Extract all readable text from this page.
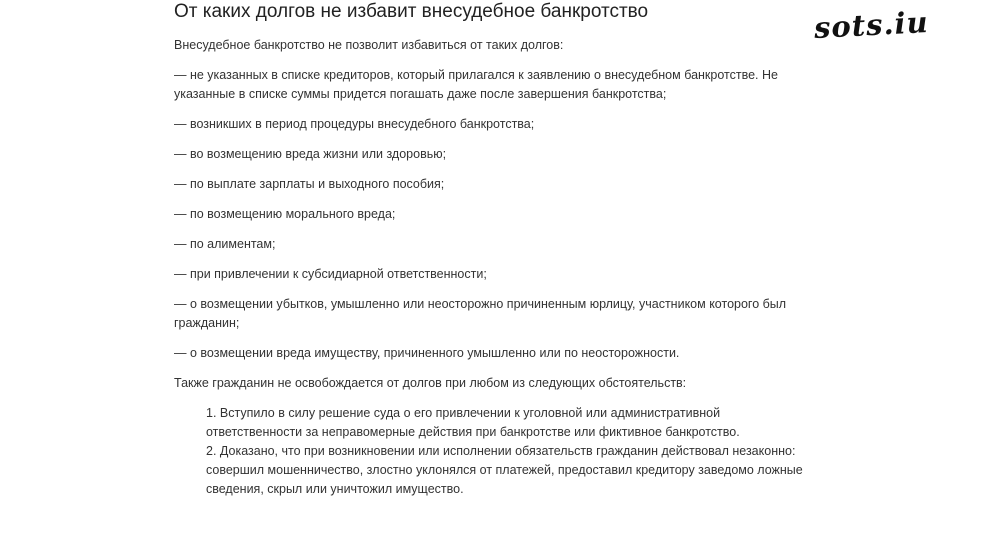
От каких долгов не избавит внесудебное банкротство

Внесудебное банкротство не позволит избавиться от таких долгов:

— не указанных в списке кредиторов, который прилагался к заявлению о внесудебном банкротстве. Не указанные в списке суммы придется погашать даже после завершения банкротства;

— возникших в период процедуры внесудебного банкротства;

— во возмещению вреда жизни или здоровью;

— по выплате зарплаты и выходного пособия;

— по возмещению морального вреда;

— по алиментам;

— при привлечении к субсидиарной ответственности;

— о возмещении убытков, умышленно или неосторожно причиненным юрлицу, участником которого был гражданин;

— о возмещении вреда имуществу, причиненного умышленно или по неосторожности.

Также гражданин не освобождается от долгов при любом из следующих обстоятельств:

1. Вступило в силу решение суда о его привлечении к уголовной или административной ответственности за неправомерные действия при банкротстве или фиктивное банкротство.
2. Доказано, что при возникновении или исполнении обязательств гражданин действовал незаконно: совершил мошенничество, злостно уклонялся от платежей, предоставил кредитору заведомо ложные сведения, скрыл или уничтожил имущество.
sots.iu
